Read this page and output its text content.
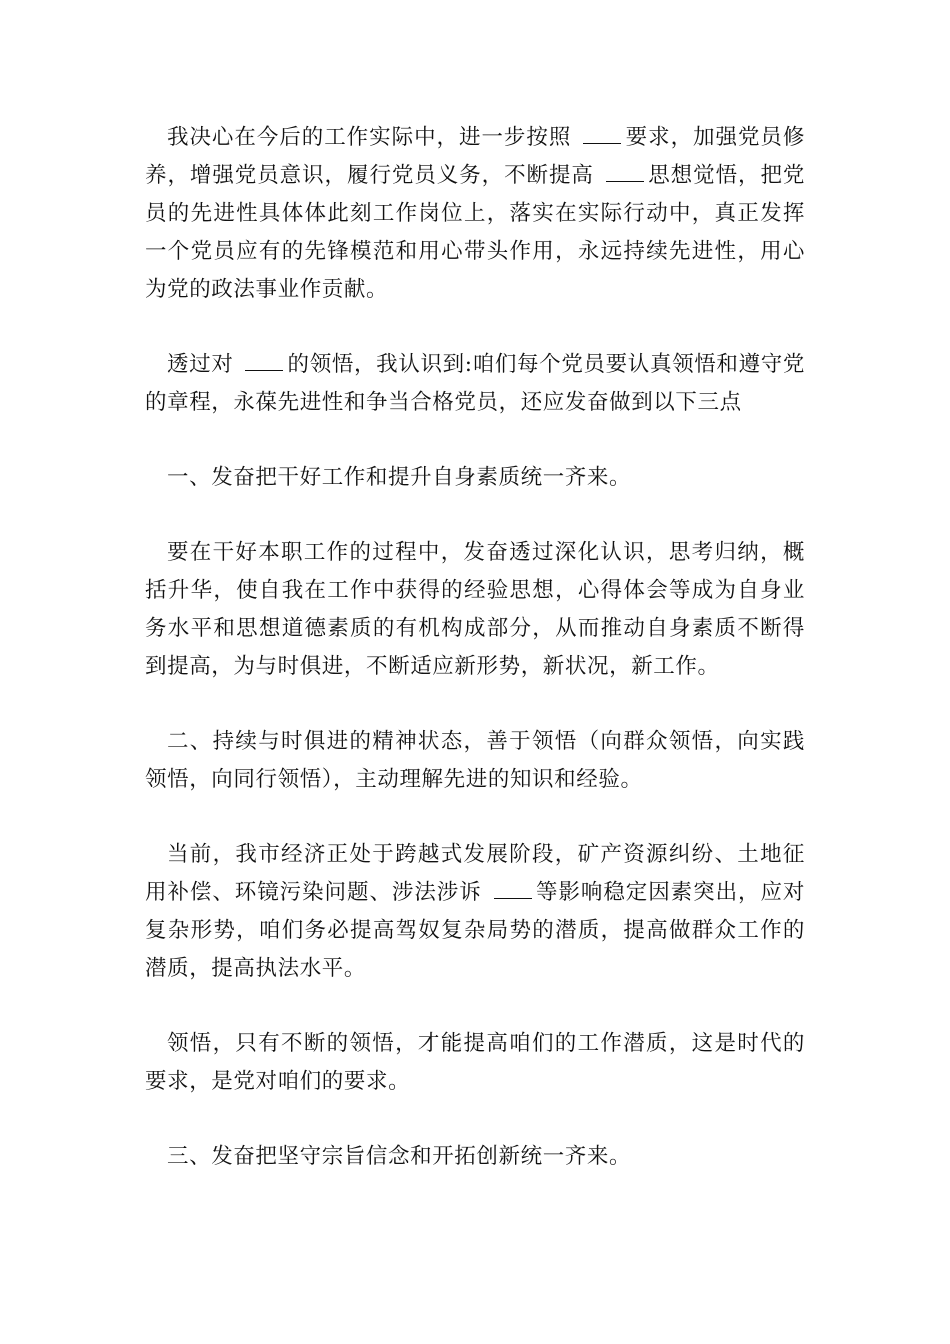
我决心在今后的工作实际中，进一步按照	要求，加强党员修养，增强党员意识，履行党员义务，不断提高	思想觉悟，把党员的先进性具体体此刻工作岗位上，落实在实际行动中，真正发挥一个党员应有的先锋模范和用心带头作用，永远持续先进性，用心为党的政法事业作贡献。

透过对	的领悟，我认识到:咱们每个党员要认真领悟和遵守党的章程，永葆先进性和争当合格党员，还应发奋做到以下三点

一、发奋把干好工作和提升自身素质统一齐来。

要在干好本职工作的过程中，发奋透过深化认识，思考归纳，概括升华，使自我在工作中获得的经验思想，心得体会等成为自身业务水平和思想道德素质的有机构成部分，从而推动自身素质不断得到提高，为与时俱进，不断适应新形势，新状况，新工作。

二、持续与时俱进的精神状态，善于领悟（向群众领悟，向实践领悟，向同行领悟），主动理解先进的知识和经验。

当前，我市经济正处于跨越式发展阶段，矿产资源纠纷、土地征用补偿、环镜污染问题、涉法涉诉	等影响稳定因素突出，应对复杂形势，咱们务必提高驾奴复杂局势的潜质，提高做群众工作的潜质，提高执法水平。

领悟，只有不断的领悟，才能提高咱们的工作潜质，这是时代的要求，是党对咱们的要求。

三、发奋把坚守宗旨信念和开拓创新统一齐来。
